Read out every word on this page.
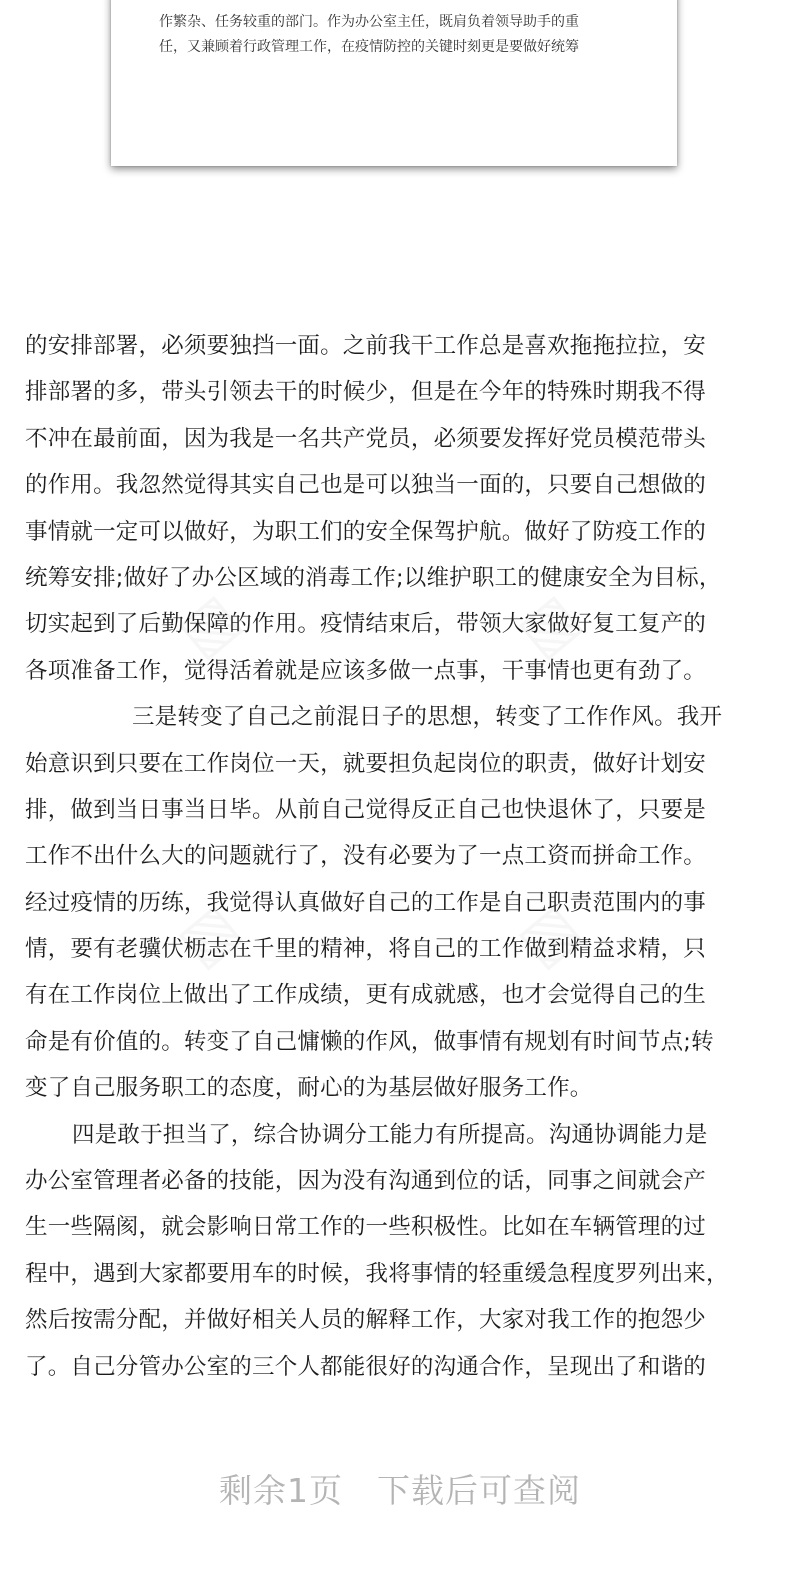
作繁杂、任务较重的部门。作为办公室主任，既肩负着领导助手的重
任，又兼顾着行政管理工作，在疫情防控的关键时刻更是要做好统筹
▧	▧
▧	▧
的安排部署，必须要独挡一面。之前我干工作总是喜欢拖拖拉拉，安
排部署的多，带头引领去干的时候少，但是在今年的特殊时期我不得
不冲在最前面，因为我是一名共产党员，必须要发挥好党员模范带头
的作用。我忽然觉得其实自己也是可以独当一面的，只要自己想做的
事情就一定可以做好，为职工们的安全保驾护航。做好了防疫工作的
统筹安排;做好了办公区域的消毒工作;以维护职工的健康安全为目标，
切实起到了后勤保障的作用。疫情结束后，带领大家做好复工复产的
各项准备工作，觉得活着就是应该多做一点事，干事情也更有劲了。
三是转变了自己之前混日子的思想，转变了工作作风。我开
始意识到只要在工作岗位一天，就要担负起岗位的职责，做好计划安
排，做到当日事当日毕。从前自己觉得反正自己也快退休了，只要是
工作不出什么大的问题就行了，没有必要为了一点工资而拼命工作。
经过疫情的历练，我觉得认真做好自己的工作是自己职责范围内的事
情，要有老骥伏枥志在千里的精神，将自己的工作做到精益求精，只
有在工作岗位上做出了工作成绩，更有成就感，也才会觉得自己的生
命是有价值的。转变了自己慵懒的作风，做事情有规划有时间节点;转
变了自己服务职工的态度，耐心的为基层做好服务工作。
四是敢于担当了，综合协调分工能力有所提高。沟通协调能力是
办公室管理者必备的技能，因为没有沟通到位的话，同事之间就会产
生一些隔阂，就会影响日常工作的一些积极性。比如在车辆管理的过
程中，遇到大家都要用车的时候，我将事情的轻重缓急程度罗列出来，
然后按需分配，并做好相关人员的解释工作，大家对我工作的抱怨少
了。自己分管办公室的三个人都能很好的沟通合作，呈现出了和谐的
剩余1页 下载后可查阅
